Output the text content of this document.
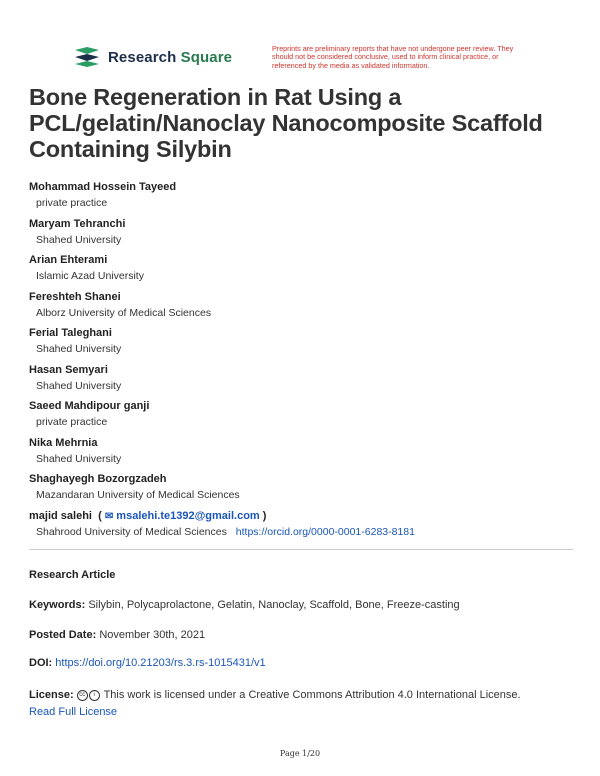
Research Square	Preprints are preliminary reports that have not undergone peer review. They should not be considered conclusive, used to inform clinical practice, or referenced by the media as validated information.
Bone Regeneration in Rat Using a PCL/gelatin/Nanoclay Nanocomposite Scaffold Containing Silybin
Mohammad Hossein Tayeed
private practice
Maryam Tehranchi
Shahed University
Arian Ehterami
Islamic Azad University
Fereshteh Shanei
Alborz University of Medical Sciences
Ferial Taleghani
Shahed University
Hasan Semyari
Shahed University
Saeed Mahdipour ganji
private practice
Nika Mehrnia
Shahed University
Shaghayegh Bozorgzadeh
Mazandaran University of Medical Sciences
majid salehi  ( ✉ msalehi.te1392@gmail.com )
Shahrood University of Medical Sciences https://orcid.org/0000-0001-6283-8181
Research Article
Keywords: Silybin, Polycaprolactone, Gelatin, Nanoclay, Scaffold, Bone, Freeze-casting
Posted Date: November 30th, 2021
DOI: https://doi.org/10.21203/rs.3.rs-1015431/v1
License: cc i This work is licensed under a Creative Commons Attribution 4.0 International License.
Read Full License
Page 1/20
